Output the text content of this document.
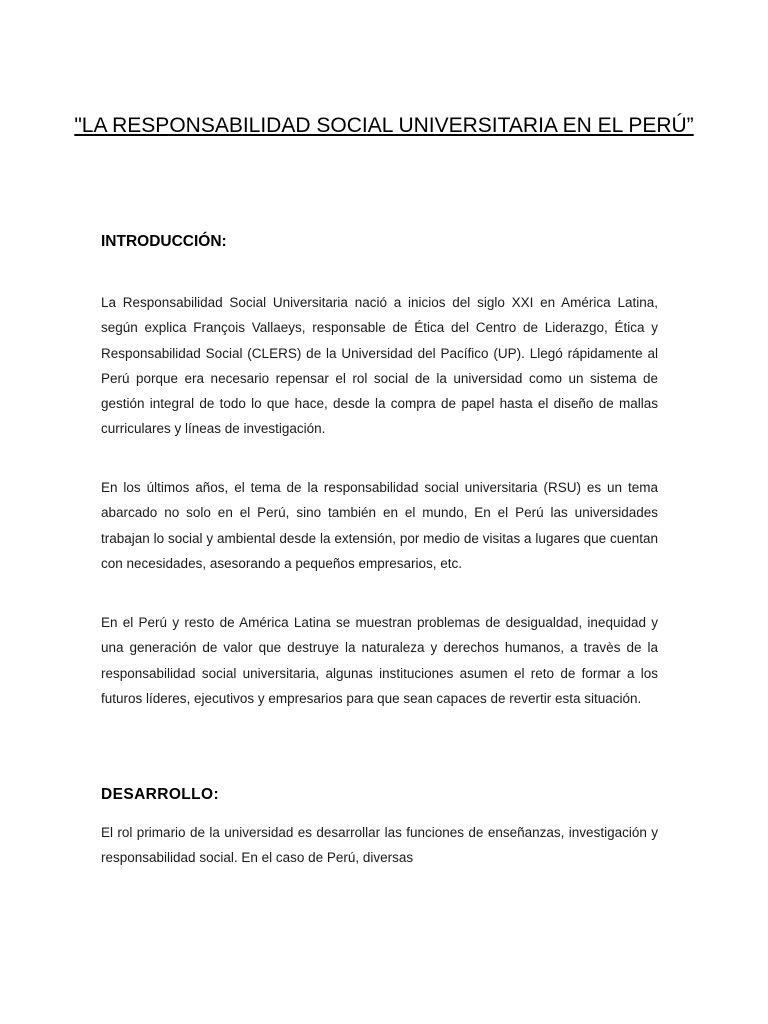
"LA RESPONSABILIDAD SOCIAL UNIVERSITARIA EN EL PERÚ”
INTRODUCCIÓN:

La Responsabilidad Social Universitaria nació a inicios del siglo XXI en América Latina, según explica François Vallaeys, responsable de Ética del Centro de Liderazgo, Ética y Responsabilidad Social (CLERS) de la Universidad del Pacífico (UP). Llegó rápidamente al Perú porque era necesario repensar el rol social de la universidad como un sistema de gestión integral de todo lo que hace, desde la compra de papel hasta el diseño de mallas curriculares y líneas de investigación.

En los últimos años, el tema de la responsabilidad social universitaria (RSU) es un tema abarcado no solo en el Perú, sino también en el mundo, En el Perú las universidades trabajan lo social y ambiental desde la extensión, por medio de visitas a lugares que cuentan con necesidades, asesorando a pequeños empresarios, etc.

En el Perú y resto de América Latina se muestran problemas de desigualdad, inequidad y una generación de valor que destruye la naturaleza y derechos humanos, a travès de la responsabilidad social universitaria, algunas instituciones asumen el reto de formar a los futuros líderes, ejecutivos y empresarios para que sean capaces de revertir esta situación.

DESARROLLO:

El rol primario de la universidad es desarrollar las funciones de enseñanzas, investigación y responsabilidad social. En el caso de Perú, diversas
